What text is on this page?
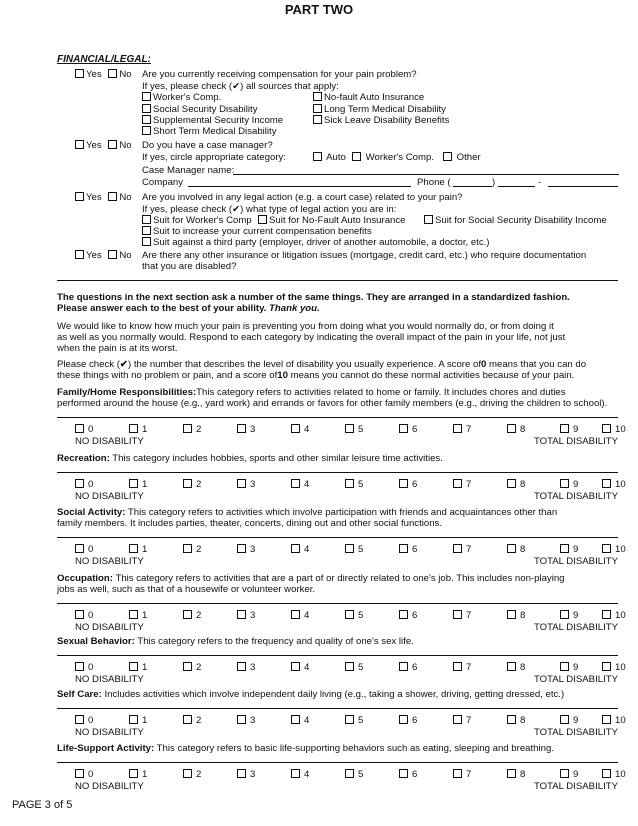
PART TWO
FINANCIAL/LEGAL:
Yes No Are you currently receiving compensation for your pain problem?
If yes, please check (✔) all sources that apply:
Worker's Comp.	No-fault Auto Insurance
Social Security Disability	Long Term Medical Disability
Supplemental Security Income	Sick Leave Disability Benefits
Short Term Medical Disability
Yes No Do you have a case manager?
If yes, circle appropriate category:	Auto	Worker's Comp.	Other
Case Manager name:
Company	Phone (	)	-
Yes No Are you involved in any legal action (e.g. a court case) related to your pain?
If yes, please check (✔) what type of legal action you are in:
Suit for Worker's Comp	Suit for No-Fault Auto Insurance	Suit for Social Security Disability Income
Suit to increase your current compensation benefits
Suit against a third party (employer, driver of another automobile, a doctor, etc.)
Yes No Are there any other insurance or litigation issues (mortgage, credit card, etc.) who require documentation
that you are disabled?
The questions in the next section ask a number of the same things. They are arranged in a standardized fashion.
Please answer each to the best of your ability. Thank you.
We would like to know how much your pain is preventing you from doing what you would normally do, or from doing it
as well as you normally would. Respond to each category by indicating the overall impact of the pain in your life, not just
when the pain is at its worst.
Please check (✔) the number that describes the level of disability you usually experience. A score of0 means that you can do
these things with no problem or pain, and a score of10 means you cannot do these normal activities because of your pain.
Family/Home Responsibilities:This category refers to activities related to home or family. It includes chores and duties
performed around the house (e.g., yard work) and errands or favors for other family members (e.g., driving the children to school).
0	1	2	3	4	5	6	7	8	9	10
NO DISABILITY	TOTAL DISABILITY
Recreation: This category includes hobbies, sports and other similar leisure time activities.
0	1	2	3	4	5	6	7	8	9	10
NO DISABILITY	TOTAL DISABILITY
Social Activity: This category refers to activities which involve participation with friends and acquaintances other than
family members. It includes parties, theater, concerts, dining out and other social functions.
0	1	2	3	4	5	6	7	8	9	10
NO DISABILITY	TOTAL DISABILITY
Occupation: This category refers to activities that are a part of or directly related to one's job. This includes non-playing
jobs as well, such as that of a housewife or volunteer worker.
0	1	2	3	4	5	6	7	8	9	10
NO DISABILITY	TOTAL DISABILITY
Sexual Behavior: This category refers to the frequency and quality of one's sex life.
0	1	2	3	4	5	6	7	8	9	10
NO DISABILITY	TOTAL DISABILITY
Self Care: Includes activities which involve independent daily living (e.g., taking a shower, driving, getting dressed, etc.)
0	1	2	3	4	5	6	7	8	9	10
NO DISABILITY	TOTAL DISABILITY
Life-Support Activity: This category refers to basic life-supporting behaviors such as eating, sleeping and breathing.
0	1	2	3	4	5	6	7	8	9	10
NO DISABILITY	TOTAL DISABILITY
PAGE 3 of 5
